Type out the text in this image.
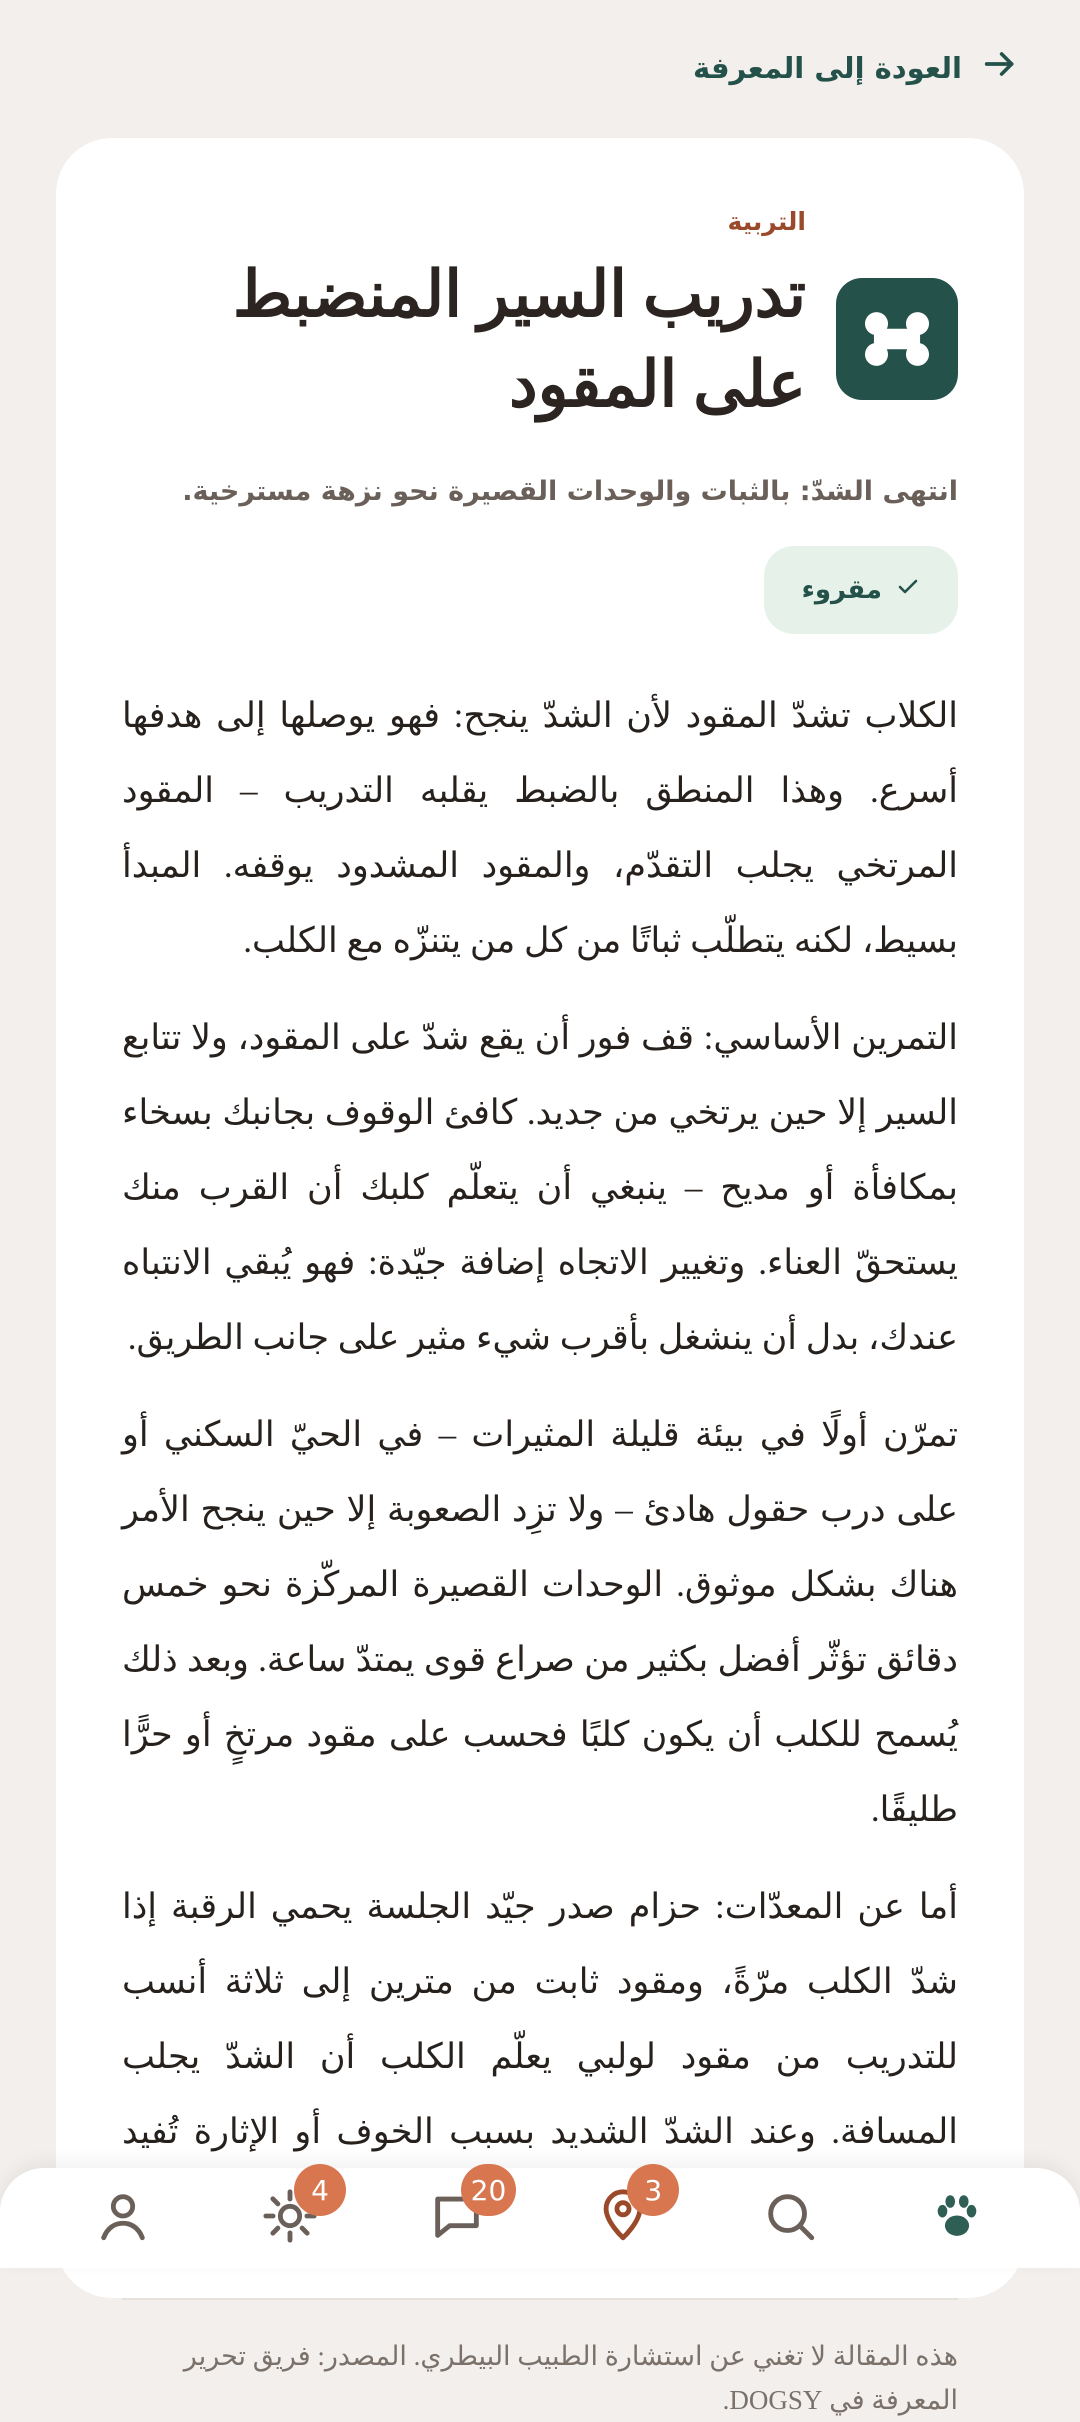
العودة إلى المعرفة
التربية
تدريب السير المنضبط على المقود
انتهى الشدّ: بالثبات والوحدات القصيرة نحو نزهة مسترخية.
مقروء

الكلاب تشدّ المقود لأن الشدّ ينجح: فهو يوصلها إلى هدفها أسرع. وهذا المنطق بالضبط يقلبه التدريب – المقود المرتخي يجلب التقدّم، والمقود المشدود يوقفه. المبدأ بسيط، لكنه يتطلّب ثباتًا من كل من يتنزّه مع الكلب.

التمرين الأساسي: قف فور أن يقع شدّ على المقود، ولا تتابع السير إلا حين يرتخي من جديد. كافئ الوقوف بجانبك بسخاء بمكافأة أو مديح – ينبغي أن يتعلّم كلبك أن القرب منك يستحقّ العناء. وتغيير الاتجاه إضافة جيّدة: فهو يُبقي الانتباه عندك، بدل أن ينشغل بأقرب شيء مثير على جانب الطريق.

تمرّن أولًا في بيئة قليلة المثيرات – في الحيّ السكني أو على درب حقول هادئ – ولا تزِد الصعوبة إلا حين ينجح الأمر هناك بشكل موثوق. الوحدات القصيرة المركّزة نحو خمس دقائق تؤثّر أفضل بكثير من صراع قوى يمتدّ ساعة. وبعد ذلك يُسمح للكلب أن يكون كلبًا فحسب على مقود مرتخٍ أو حرًّا طليقًا.

أما عن المعدّات: حزام صدر جيّد الجلسة يحمي الرقبة إذا شدّ الكلب مرّةً، ومقود ثابت من مترين إلى ثلاثة أنسب للتدريب من مقود لولبي يعلّم الكلب أن الشدّ يجلب المسافة. وعند الشدّ الشديد بسبب الخوف أو الإثارة تُفيد

هذه المقالة لا تغني عن استشارة الطبيب البيطري. المصدر: فريق تحرير المعرفة في DOGSY.
3
20
4
